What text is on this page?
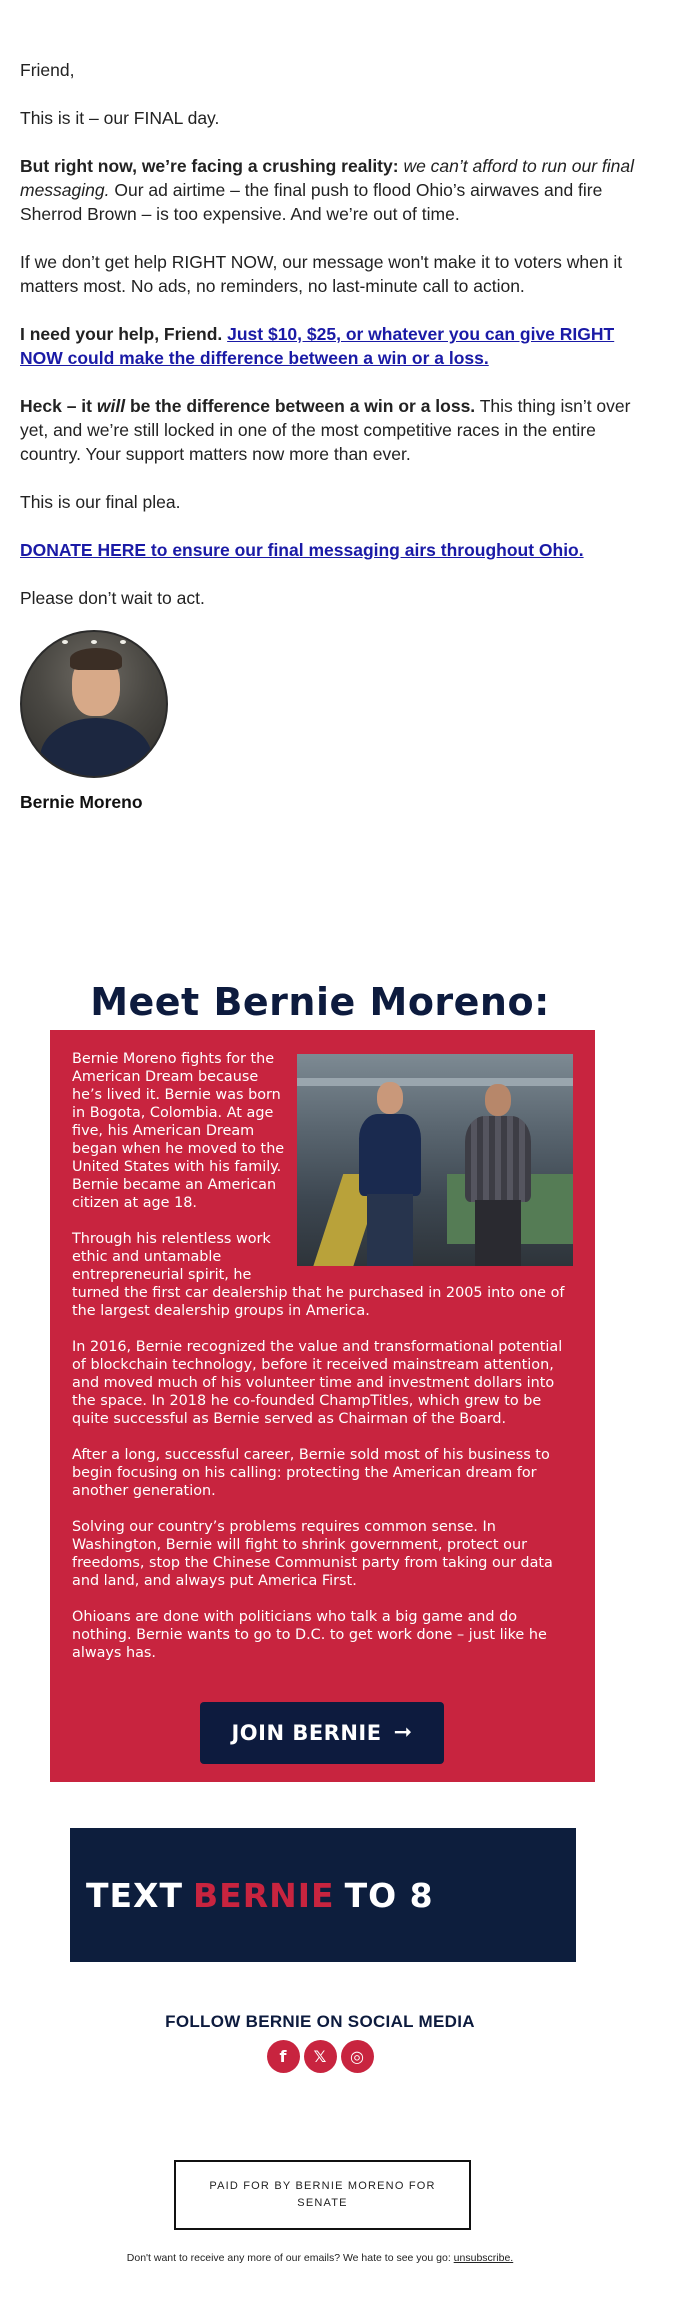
Friend,

This is it – our FINAL day.

But right now, we’re facing a crushing reality: we can’t afford to run our final messaging. Our ad airtime – the final push to flood Ohio’s airwaves and fire Sherrod Brown – is too expensive. And we’re out of time.

If we don’t get help RIGHT NOW, our message won't make it to voters when it matters most. No ads, no reminders, no last-minute call to action.

I need your help, Friend. Just $10, $25, or whatever you can give RIGHT NOW could make the difference between a win or a loss.

Heck – it will be the difference between a win or a loss. This thing isn’t over yet, and we’re still locked in one of the most competitive races in the entire country. Your support matters now more than ever.

This is our final plea.

DONATE HERE to ensure our final messaging airs throughout Ohio.

Please don’t wait to act.

Bernie Moreno
Meet Bernie Moreno:

Bernie Moreno fights for the American Dream because he’s lived it. Bernie was born in Bogota, Colombia. At age five, his American Dream began when he moved to the United States with his family. Bernie became an American citizen at age 18.

Through his relentless work ethic and untamable entrepreneurial spirit, he turned the first car dealership that he purchased in 2005 into one of the largest dealership groups in America.

In 2016, Bernie recognized the value and transformational potential of blockchain technology, before it received mainstream attention, and moved much of his volunteer time and investment dollars into the space. In 2018 he co-founded ChampTitles, which grew to be quite successful as Bernie served as Chairman of the Board.

After a long, successful career, Bernie sold most of his business to begin focusing on his calling: protecting the American dream for another generation.

Solving our country’s problems requires common sense. In Washington, Bernie will fight to shrink government, protect our freedoms, stop the Chinese Communist party from taking our data and land, and always put America First.

Ohioans are done with politicians who talk a big game and do nothing. Bernie wants to go to D.C. to get work done – just like he always has.

JOIN BERNIE ➞
TEXT BERNIE TO 8
FOLLOW BERNIE ON SOCIAL MEDIA
f	𝕏	◎
PAID FOR BY BERNIE MORENO FOR SENATE
Don't want to receive any more of our emails? We hate to see you go: unsubscribe.
